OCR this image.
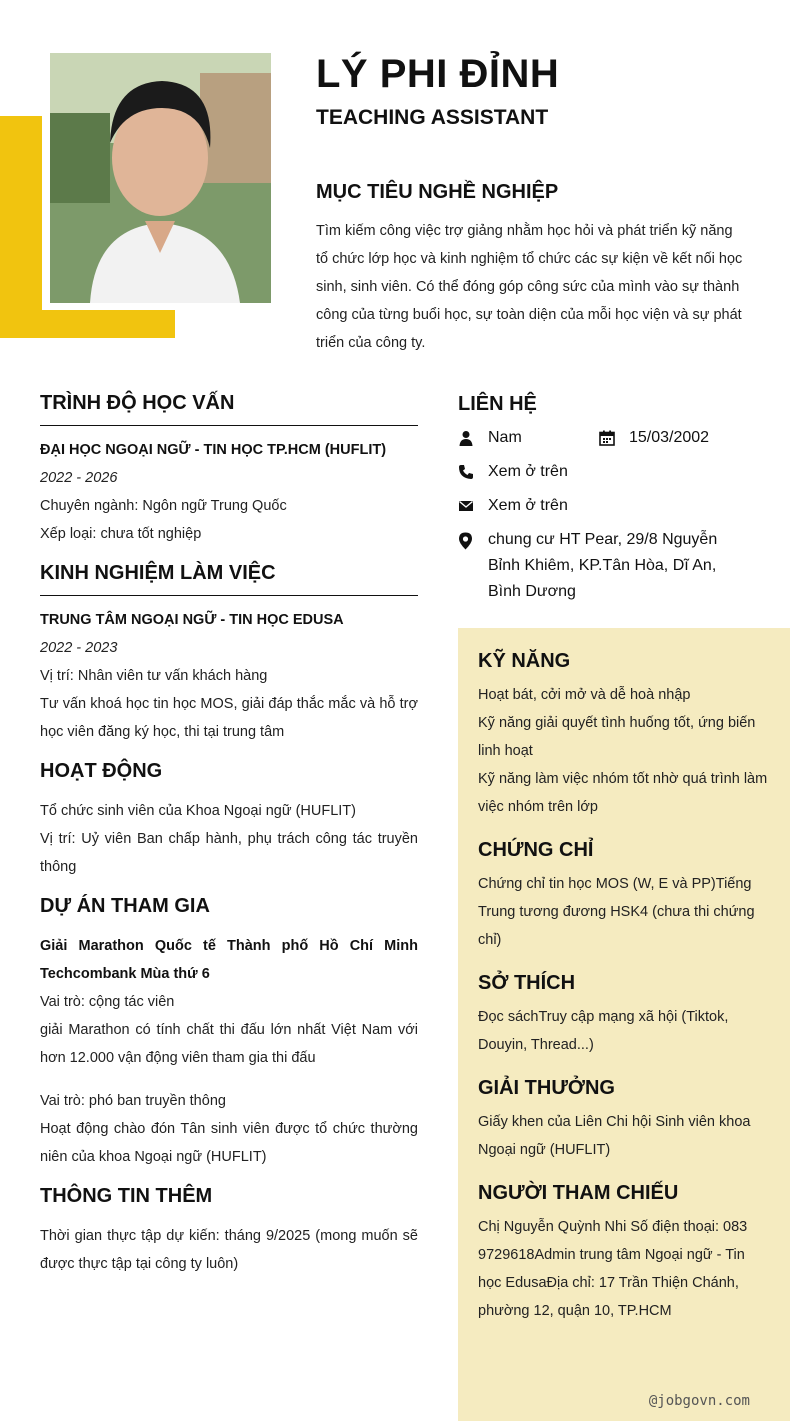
LÝ PHI ĐỈNH
TEACHING ASSISTANT
MỤC TIÊU NGHỀ NGHIỆP
Tìm kiếm công việc trợ giảng nhằm học hỏi và phát triển kỹ năng tổ chức lớp học và kinh nghiệm tổ chức các sự kiện về kết nối học sinh, sinh viên. Có thể đóng góp công sức của mình vào sự thành công của từng buổi học, sự toàn diện của mỗi học viện và sự phát triển của công ty.
TRÌNH ĐỘ HỌC VẤN
ĐẠI HỌC NGOẠI NGỮ - TIN HỌC TP.HCM (HUFLIT)
2022 - 2026
Chuyên ngành: Ngôn ngữ Trung Quốc
Xếp loại: chưa tốt nghiệp
KINH NGHIỆM LÀM VIỆC
TRUNG TÂM NGOẠI NGỮ - TIN HỌC EDUSA
2022 - 2023
Vị trí: Nhân viên tư vấn khách hàng
Tư vấn khoá học tin học MOS, giải đáp thắc mắc và hỗ trợ học viên đăng ký học, thi tại trung tâm
HOẠT ĐỘNG
Tổ chức sinh viên của Khoa Ngoại ngữ (HUFLIT)
Vị trí: Uỷ viên Ban chấp hành, phụ trách công tác truyền thông
DỰ ÁN THAM GIA
Giải Marathon Quốc tế Thành phố Hồ Chí Minh Techcombank Mùa thứ 6
Vai trò: cộng tác viên
giải Marathon có tính chất thi đấu lớn nhất Việt Nam với hơn 12.000 vận động viên tham gia thi đấu
Vai trò: phó ban truyền thông
Hoạt động chào đón Tân sinh viên được tổ chức thường niên của khoa Ngoại ngữ (HUFLIT)
THÔNG TIN THÊM
Thời gian thực tập dự kiến: tháng 9/2025 (mong muốn sẽ được thực tập tại công ty luôn)
LIÊN HỆ
Nam	15/03/2002
Xem ở trên
Xem ở trên
chung cư HT Pear, 29/8 Nguyễn Bỉnh Khiêm, KP.Tân Hòa, Dĩ An, Bình Dương
KỸ NĂNG
Hoạt bát, cởi mở và dễ hoà nhập
Kỹ năng giải quyết tình huống tốt, ứng biến linh hoạt
Kỹ năng làm việc nhóm tốt nhờ quá trình làm việc nhóm trên lớp
CHỨNG CHỈ
Chứng chỉ tin học MOS (W, E và PP)Tiếng Trung tương đương HSK4 (chưa thi chứng chỉ)
SỞ THÍCH
Đọc sáchTruy cập mạng xã hội (Tiktok, Douyin, Thread...)
GIẢI THƯỞNG
Giấy khen của Liên Chi hội Sinh viên khoa Ngoại ngữ (HUFLIT)
NGƯỜI THAM CHIẾU
Chị Nguyễn Quỳnh Nhi Số điện thoại: 083 9729618Admin trung tâm Ngoại ngữ - Tin học EdusaĐịa chỉ: 17 Trần Thiện Chánh, phường 12, quận 10, TP.HCM
@jobgovn.com
